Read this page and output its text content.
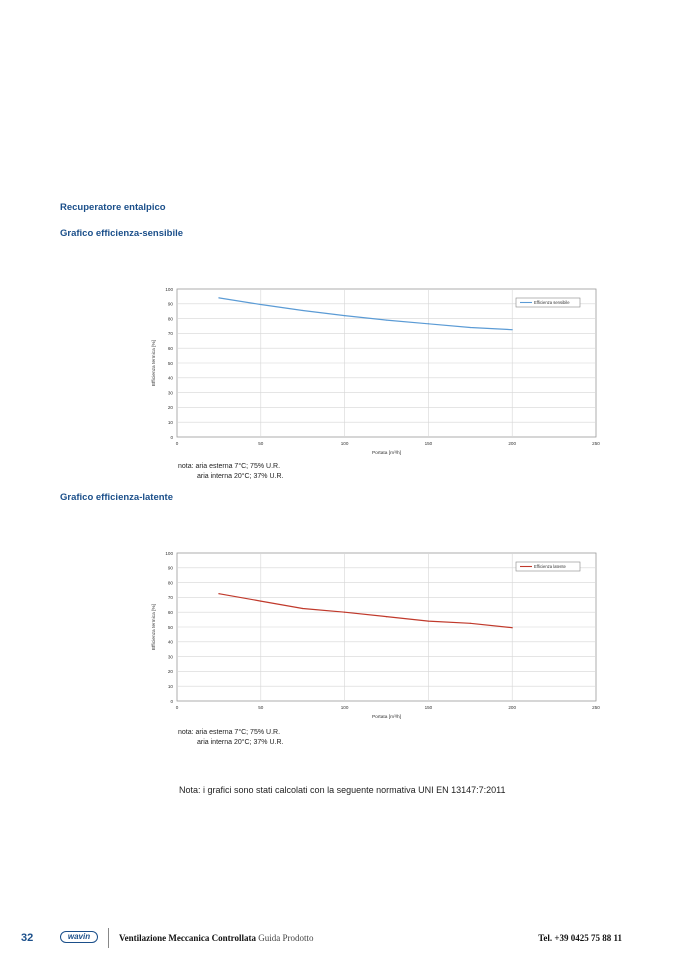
Recuperatore entalpico
Grafico efficienza-sensibile
0
10
20
30
40
50
60
70
80
90
100
0	50	100	150	200	250
Portata [m³/h]
Efficienza termica [%]
Efficienza sensibile
nota: aria esterna 7°C; 75% U.R.
aria interna 20°C; 37% U.R.
Grafico efficienza-latente
0
10
20
30
40
50
60
70
80
90
100
0	50	100	150	200	250
Portata [m³/h]
Efficienza termica [%]
Efficienza latente
nota: aria esterna 7°C; 75% U.R.
aria interna 20°C; 37% U.R.
Nota: i grafici sono stati calcolati con la seguente normativa UNI EN 13147:7:2011
32	wavin	Ventilazione Meccanica Controllata Guida Prodotto	Tel. +39 0425 75 88 11
